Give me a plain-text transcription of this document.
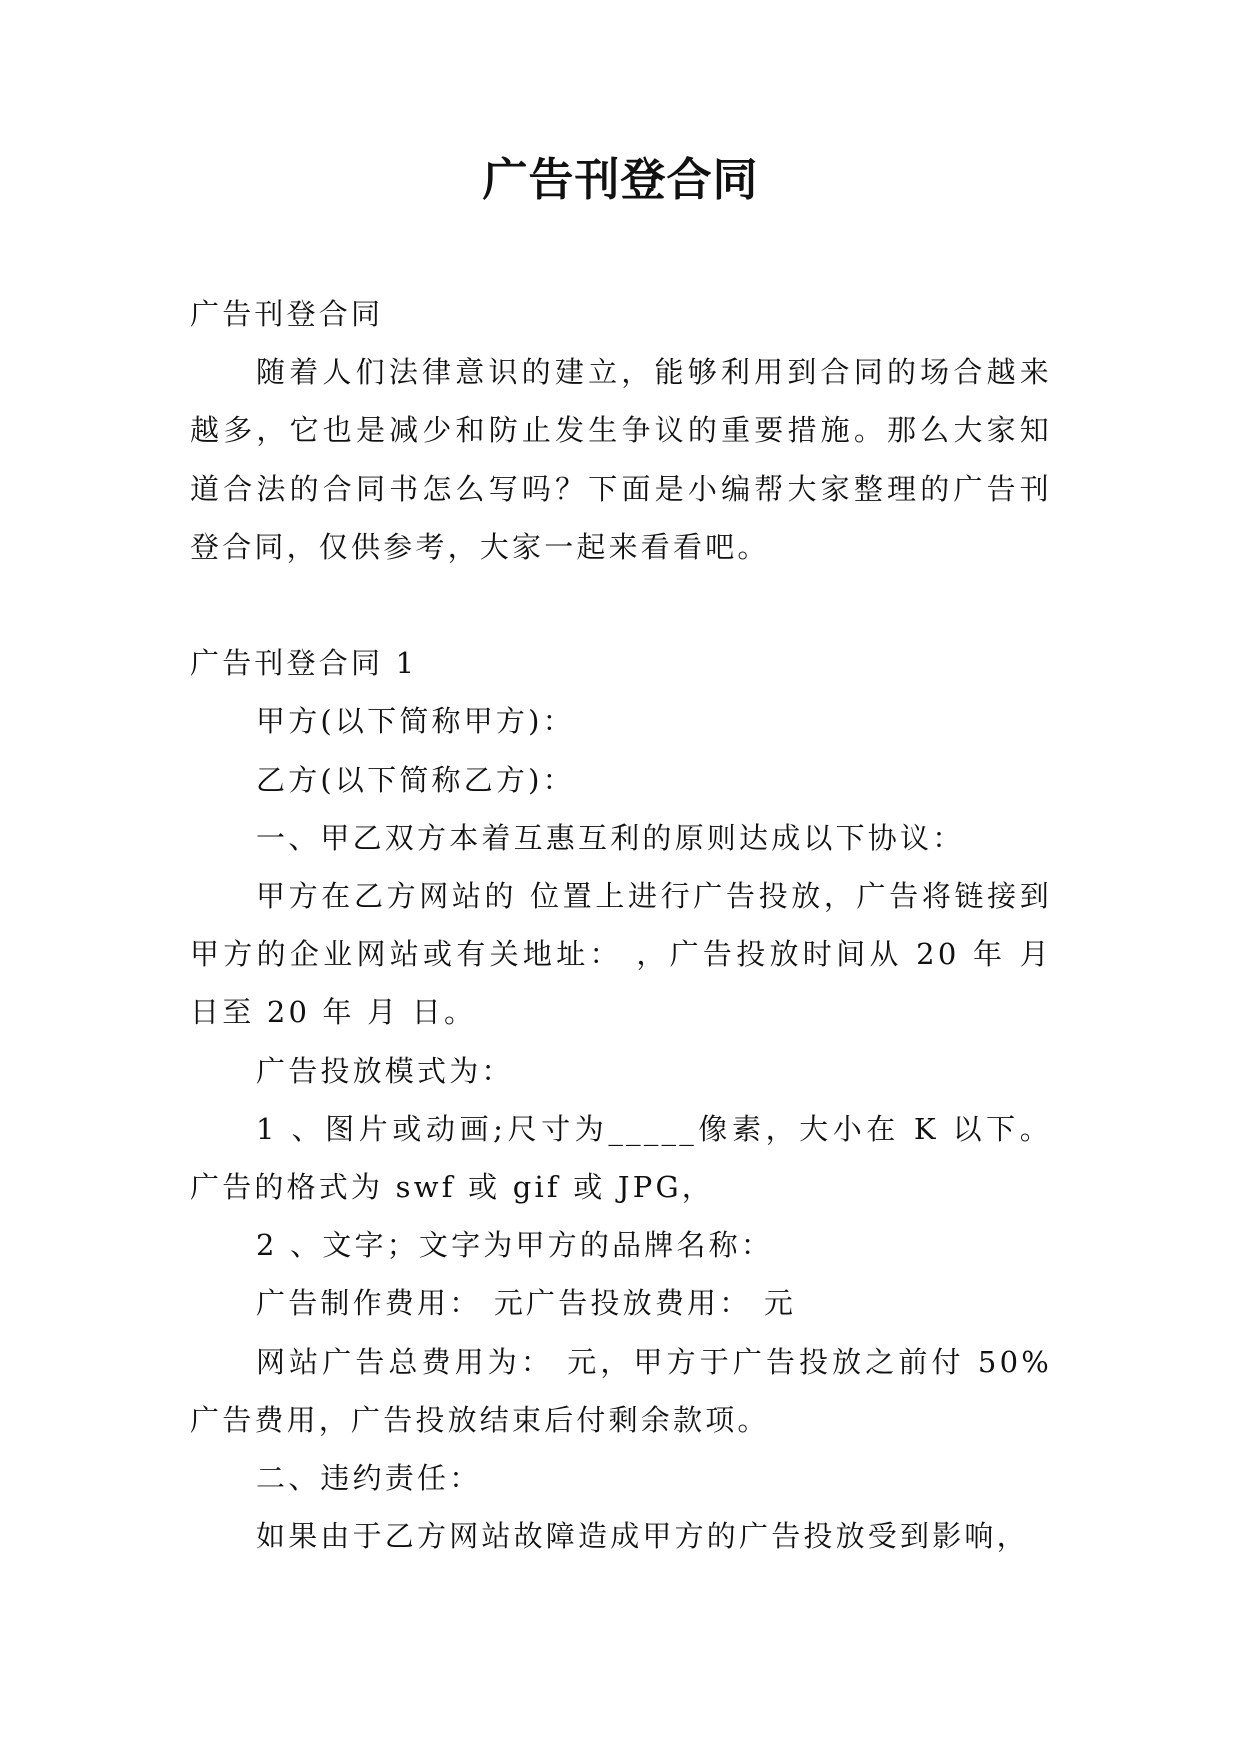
广告刊登合同

广告刊登合同

随着人们法律意识的建立，能够利用到合同的场合越来越多，它也是减少和防止发生争议的重要措施。那么大家知道合法的合同书怎么写吗？下面是小编帮大家整理的广告刊登合同，仅供参考，大家一起来看看吧。

广告刊登合同 1

甲方(以下简称甲方)：

乙方(以下简称乙方)：

一、甲乙双方本着互惠互利的原则达成以下协议：

甲方在乙方网站的 位置上进行广告投放，广告将链接到甲方的企业网站或有关地址： ，广告投放时间从 20 年 月 日至 20 年 月 日。

广告投放模式为：

1 、图片或动画;尺寸为_____像素，大小在 K 以下。广告的格式为 swf 或 gif 或 JPG，

2 、文字；文字为甲方的品牌名称：

广告制作费用： 元广告投放费用： 元

网站广告总费用为： 元，甲方于广告投放之前付 50%广告费用，广告投放结束后付剩余款项。

二、违约责任：

如果由于乙方网站故障造成甲方的广告投放受到影响，
